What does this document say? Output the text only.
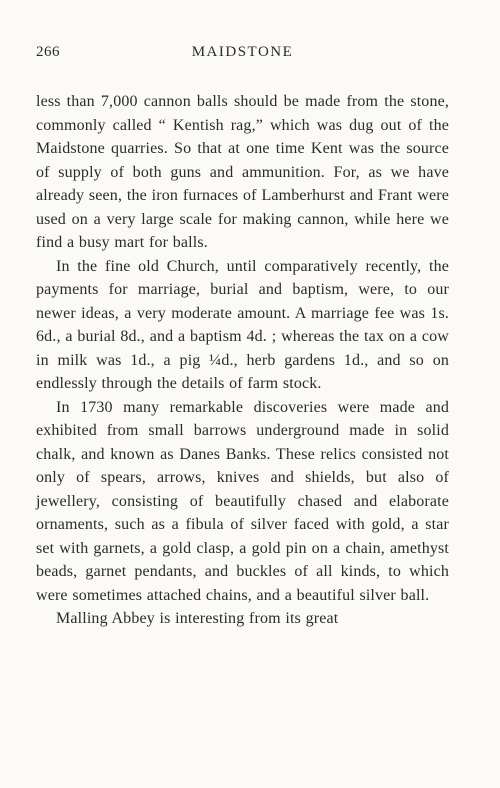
266	MAIDSTONE

less than 7,000 cannon balls should be made from the stone, commonly called “ Kentish rag,” which was dug out of the Maidstone quarries. So that at one time Kent was the source of supply of both guns and ammunition. For, as we have already seen, the iron furnaces of Lamberhurst and Frant were used on a very large scale for making cannon, while here we find a busy mart for balls.

In the fine old Church, until comparatively recently, the payments for marriage, burial and baptism, were, to our newer ideas, a very moderate amount. A marriage fee was 1s. 6d., a burial 8d., and a baptism 4d. ; whereas the tax on a cow in milk was 1d., a pig ¼d., herb gardens 1d., and so on endlessly through the details of farm stock.

In 1730 many remarkable discoveries were made and exhibited from small barrows underground made in solid chalk, and known as Danes Banks. These relics consisted not only of spears, arrows, knives and shields, but also of jewellery, consisting of beautifully chased and elaborate ornaments, such as a fibula of silver faced with gold, a star set with garnets, a gold clasp, a gold pin on a chain, amethyst beads, garnet pendants, and buckles of all kinds, to which were sometimes attached chains, and a beautiful silver ball.

Malling Abbey is interesting from its great
